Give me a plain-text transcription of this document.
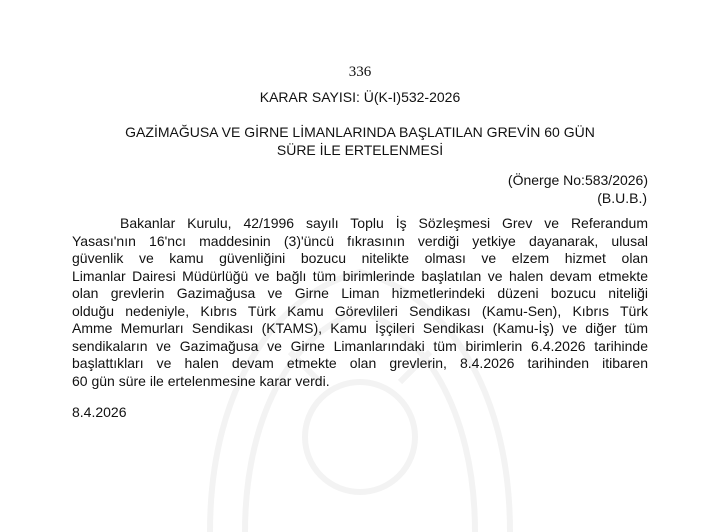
336
KARAR SAYISI: Ü(K-I)532-2026
GAZİMAĞUSA VE GİRNE LİMANLARINDA BAŞLATILAN GREVİN 60 GÜN
SÜRE İLE ERTELENMESİ
(Önerge No:583/2026)
(B.U.B.)
Bakanlar Kurulu, 42/1996 sayılı Toplu İş Sözleşmesi Grev ve Referandum
Yasası'nın 16'ncı maddesinin (3)'üncü fıkrasının verdiği yetkiye dayanarak, ulusal
güvenlik ve kamu güvenliğini bozucu nitelikte olması ve elzem hizmet olan
Limanlar Dairesi Müdürlüğü ve bağlı tüm birimlerinde başlatılan ve halen devam etmekte
olan grevlerin Gazimağusa ve Girne Liman hizmetlerindeki düzeni bozucu niteliği
olduğu nedeniyle, Kıbrıs Türk Kamu Görevlileri Sendikası (Kamu-Sen), Kıbrıs Türk
Amme Memurları Sendikası (KTAMS), Kamu İşçileri Sendikası (Kamu-İş) ve diğer tüm
sendikaların ve Gazimağusa ve Girne Limanlarındaki tüm birimlerin 6.4.2026 tarihinde
başlattıkları ve halen devam etmekte olan grevlerin, 8.4.2026 tarihinden itibaren
60 gün süre ile ertelenmesine karar verdi.
8.4.2026
